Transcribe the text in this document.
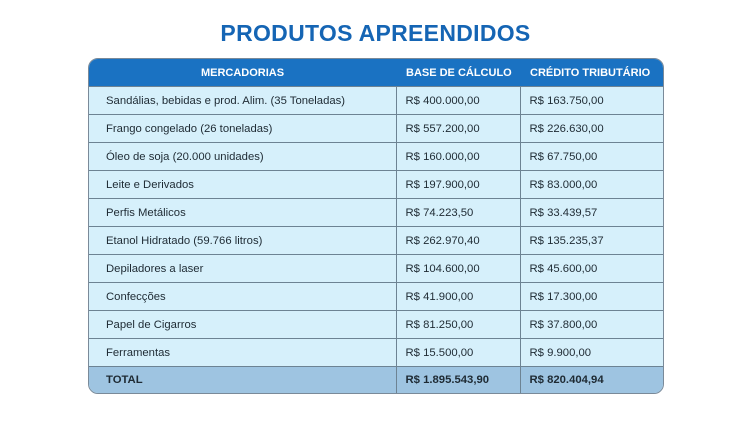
PRODUTOS APREENDIDOS
MERCADORIAS	BASE DE CÁLCULO	CRÉDITO TRIBUTÁRIO
Sandálias, bebidas e prod. Alim. (35 Toneladas)	R$ 400.000,00	R$ 163.750,00
Frango congelado (26 toneladas)	R$ 557.200,00	R$ 226.630,00
Óleo de soja (20.000 unidades)	R$ 160.000,00	R$ 67.750,00
Leite e Derivados	R$ 197.900,00	R$ 83.000,00
Perfis Metálicos	R$ 74.223,50	R$ 33.439,57
Etanol Hidratado (59.766 litros)	R$ 262.970,40	R$ 135.235,37
Depiladores a laser	R$ 104.600,00	R$ 45.600,00
Confecções	R$ 41.900,00	R$ 17.300,00
Papel de Cigarros	R$ 81.250,00	R$ 37.800,00
Ferramentas	R$ 15.500,00	R$ 9.900,00
TOTAL	R$ 1.895.543,90	R$ 820.404,94
